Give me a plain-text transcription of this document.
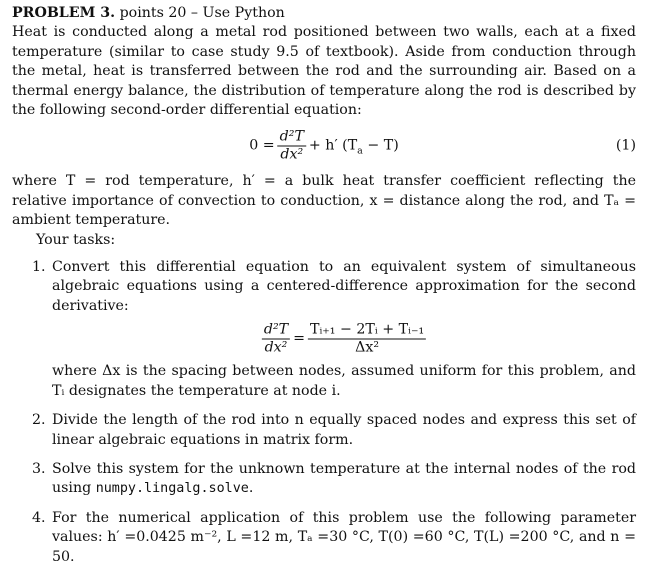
PROBLEM 3. points 20 – Use Python
Heat is conducted along a metal rod positioned between two walls, each at a fixed temperature (similar to case study 9.5 of textbook). Aside from conduction through the metal, heat is transferred between the rod and the surrounding air. Based on a thermal energy balance, the distribution of temperature along the rod is described by the following second-order differential equation:
$0 = \frac{\text{d²T}}{\text{dx²}} + h'$ $(T_a - T)$	(1)
where T = rod temperature, h′ = a bulk heat transfer coefficient reflecting the relative importance of convection to conduction, x = distance along the rod, and Tₐ = ambient temperature.
Your tasks:
1. Convert this differential equation to an equivalent system of simultaneous algebraic equations using a centered-difference approximation for the second derivative:
$\frac{\text{d²T}}{\text{dx²}} = \frac{\text{Tᵢ₊₁ − 2Tᵢ + Tᵢ₋₁}}{\text{Δx²}}$
where Δx is the spacing between nodes, assumed uniform for this problem, and Tᵢ designates the temperature at node i.
2. Divide the length of the rod into n equally spaced nodes and express this set of linear algebraic equations in matrix form.
3. Solve this system for the unknown temperature at the internal nodes of the rod using numpy.lingalg.solve.
4. For the numerical application of this problem use the following parameter values: h′ =0.0425 m⁻², L =12 m, Tₐ =30 °C, T(0) =60 °C, T(L) =200 °C, and n = 50.
